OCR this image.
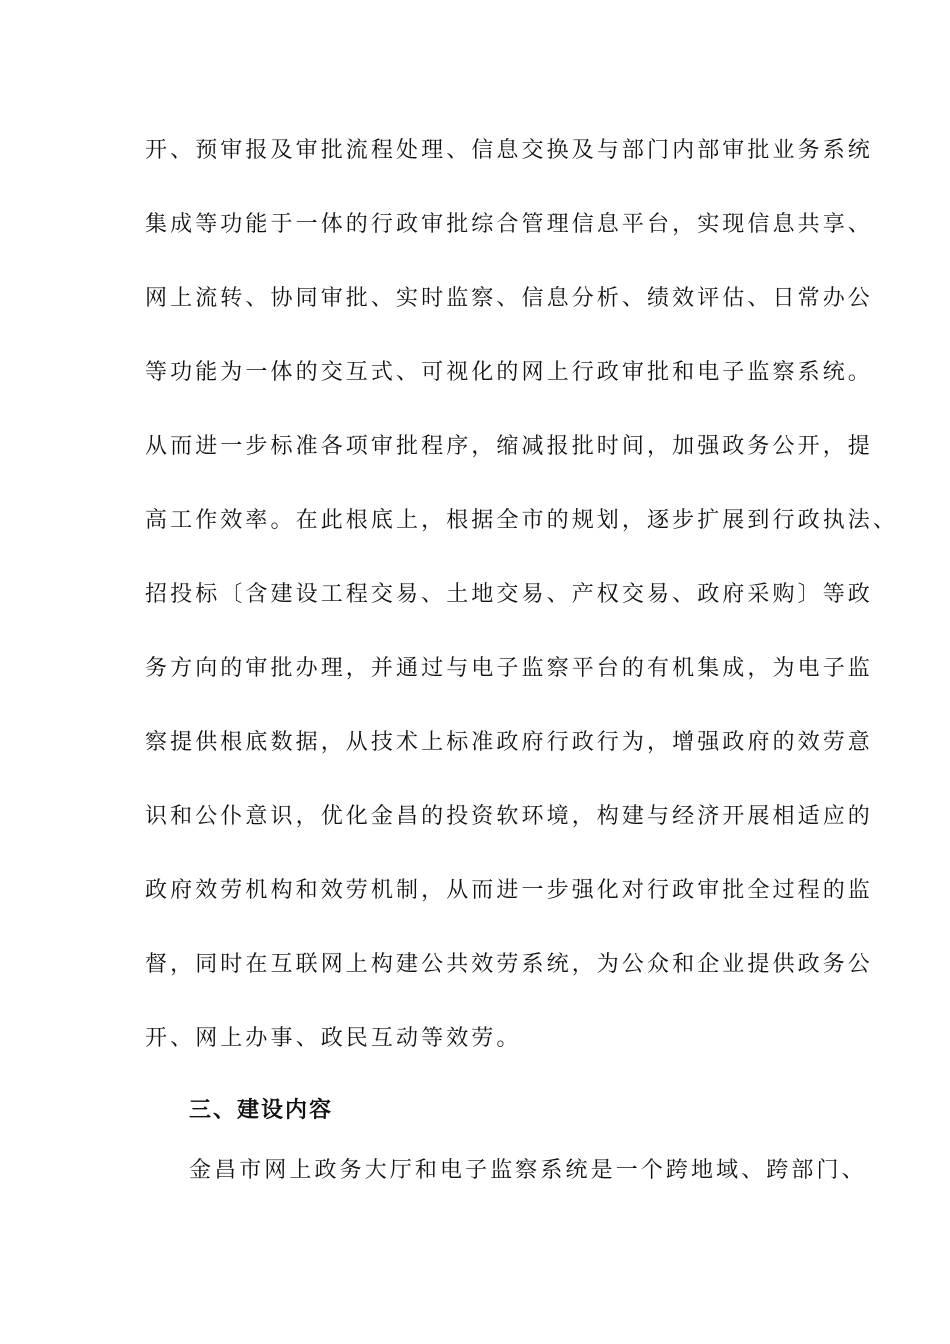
开、预审报及审批流程处理、信息交换及与部门内部审批业务系统
集成等功能于一体的行政审批综合管理信息平台，实现信息共享、
网上流转、协同审批、实时监察、信息分析、绩效评估、日常办公
等功能为一体的交互式、可视化的网上行政审批和电子监察系统。
从而进一步标准各项审批程序，缩减报批时间，加强政务公开，提
高工作效率。在此根底上，根据全市的规划，逐步扩展到行政执法、
招投标〔含建设工程交易、土地交易、产权交易、政府采购〕等政
务方向的审批办理，并通过与电子监察平台的有机集成，为电子监
察提供根底数据，从技术上标准政府行政行为，增强政府的效劳意
识和公仆意识，优化金昌的投资软环境，构建与经济开展相适应的
政府效劳机构和效劳机制，从而进一步强化对行政审批全过程的监
督，同时在互联网上构建公共效劳系统，为公众和企业提供政务公
开、网上办事、政民互动等效劳。
三、建设内容
金昌市网上政务大厅和电子监察系统是一个跨地域、跨部门、
